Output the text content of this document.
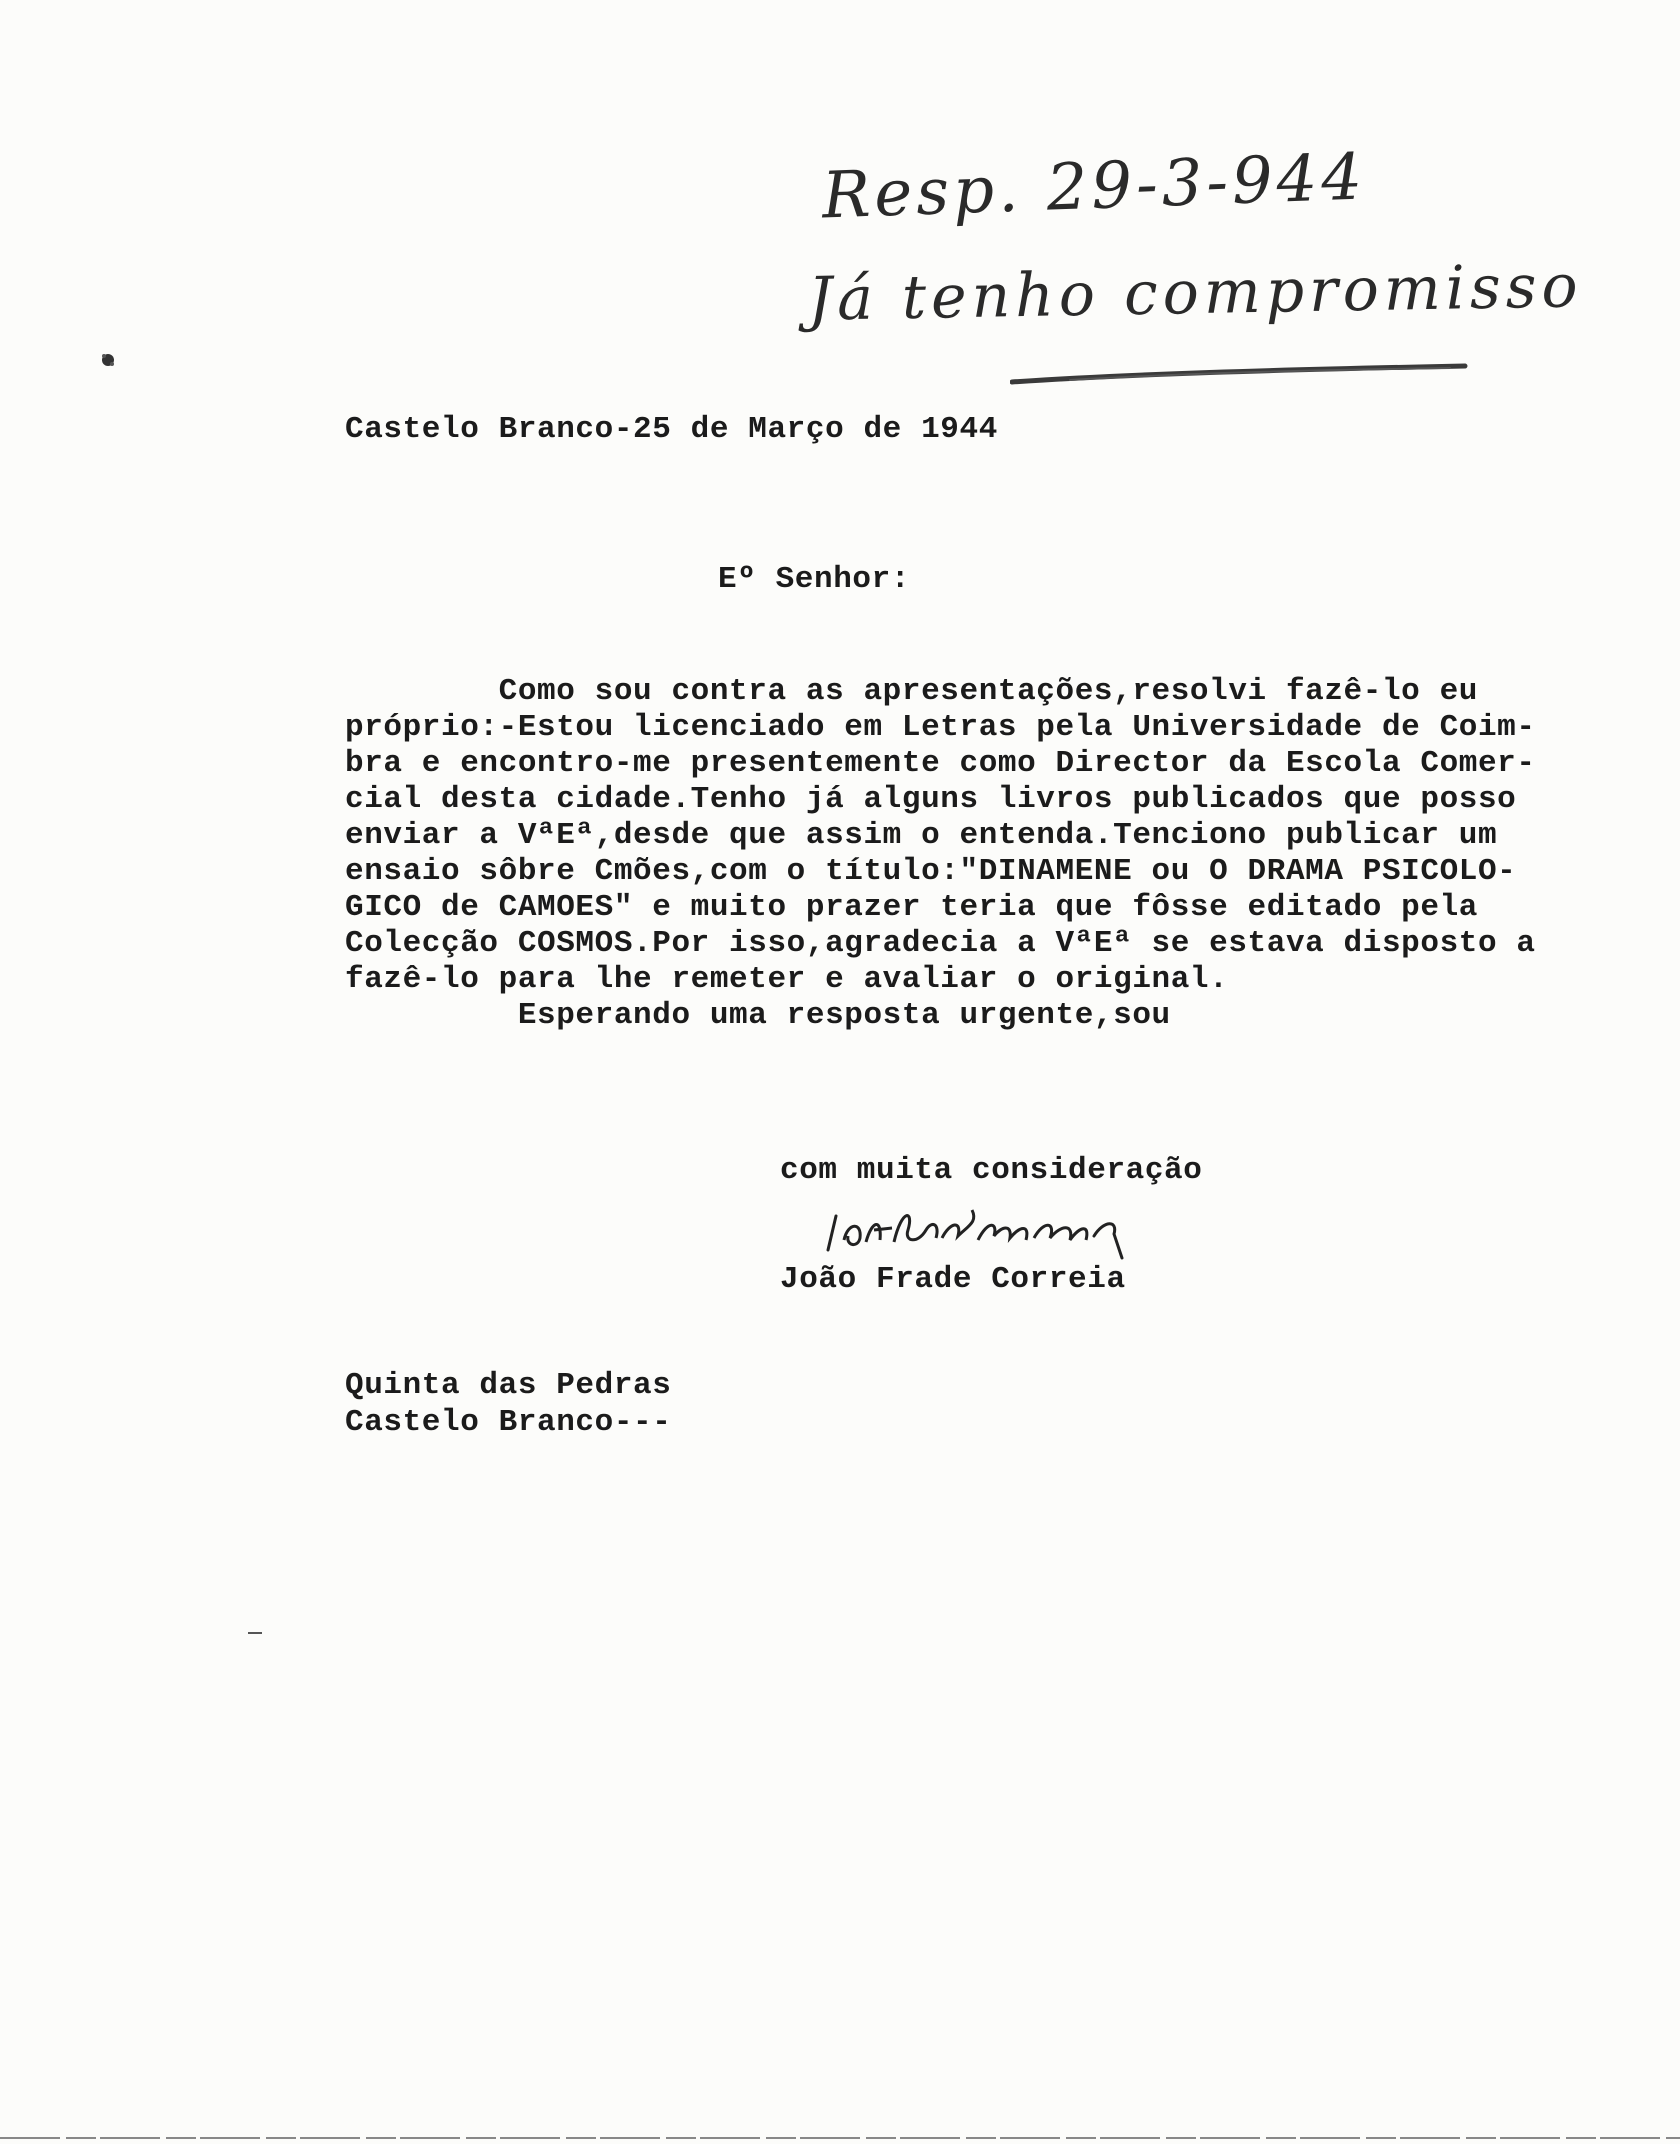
Resp. 29-3-944
Já tenho compromisso
Castelo Branco-25 de Março de 1944
Eº Senhor:
Como sou contra as apresentações,resolvi fazê-lo eu
próprio:-Estou licenciado em Letras pela Universidade de Coim-
bra e encontro-me presentemente como Director da Escola Comer-
cial desta cidade.Tenho já alguns livros publicados que posso
enviar a VªEª,desde que assim o entenda.Tenciono publicar um
ensaio sôbre Cmões,com o título:"DINAMENE ou O DRAMA PSICOLO-
GICO de CAMOES" e muito prazer teria que fôsse editado pela
Colecção COSMOS.Por isso,agradecia a VªEª se estava disposto a
fazê-lo para lhe remeter e avaliar o original.
Esperando uma resposta urgente,sou
com muita consideração
João Frade Correia
Quinta das Pedras
Castelo Branco---
